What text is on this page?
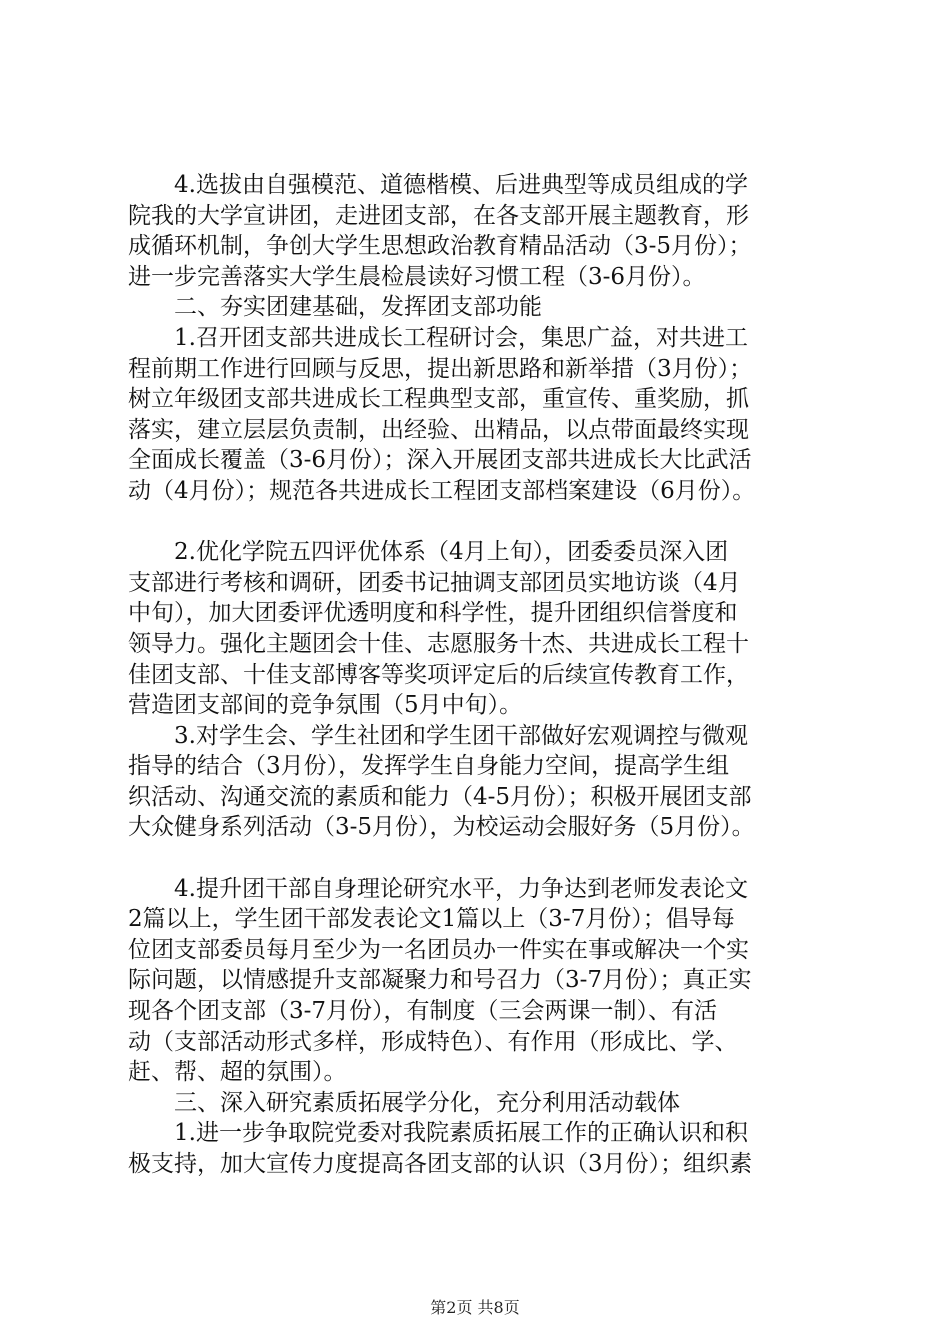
4.选拔由自强模范、道德楷模、后进典型等成员组成的学
院我的大学宣讲团，走进团支部，在各支部开展主题教育，形
成循环机制，争创大学生思想政治教育精品活动（3-5月份）；
进一步完善落实大学生晨检晨读好习惯工程（3-6月份）。
二、夯实团建基础，发挥团支部功能
1.召开团支部共进成长工程研讨会，集思广益，对共进工
程前期工作进行回顾与反思，提出新思路和新举措（3月份）；
树立年级团支部共进成长工程典型支部，重宣传、重奖励，抓
落实，建立层层负责制，出经验、出精品，以点带面最终实现
全面成长覆盖（3-6月份）；深入开展团支部共进成长大比武活
动（4月份）；规范各共进成长工程团支部档案建设（6月份）。
2.优化学院五四评优体系（4月上旬），团委委员深入团
支部进行考核和调研，团委书记抽调支部团员实地访谈（4月
中旬），加大团委评优透明度和科学性，提升团组织信誉度和
领导力。强化主题团会十佳、志愿服务十杰、共进成长工程十
佳团支部、十佳支部博客等奖项评定后的后续宣传教育工作，
营造团支部间的竞争氛围（5月中旬）。
3.对学生会、学生社团和学生团干部做好宏观调控与微观
指导的结合（3月份），发挥学生自身能力空间，提高学生组
织活动、沟通交流的素质和能力（4-5月份）；积极开展团支部
大众健身系列活动（3-5月份），为校运动会服好务（5月份）。
4.提升团干部自身理论研究水平，力争达到老师发表论文
2篇以上，学生团干部发表论文1篇以上（3-7月份）；倡导每
位团支部委员每月至少为一名团员办一件实在事或解决一个实
际问题，以情感提升支部凝聚力和号召力（3-7月份）；真正实
现各个团支部（3-7月份），有制度（三会两课一制）、有活
动（支部活动形式多样，形成特色）、有作用（形成比、学、
赶、帮、超的氛围）。
三、深入研究素质拓展学分化，充分利用活动载体
1.进一步争取院党委对我院素质拓展工作的正确认识和积
极支持，加大宣传力度提高各团支部的认识（3月份）；组织素
第2页 共8页
